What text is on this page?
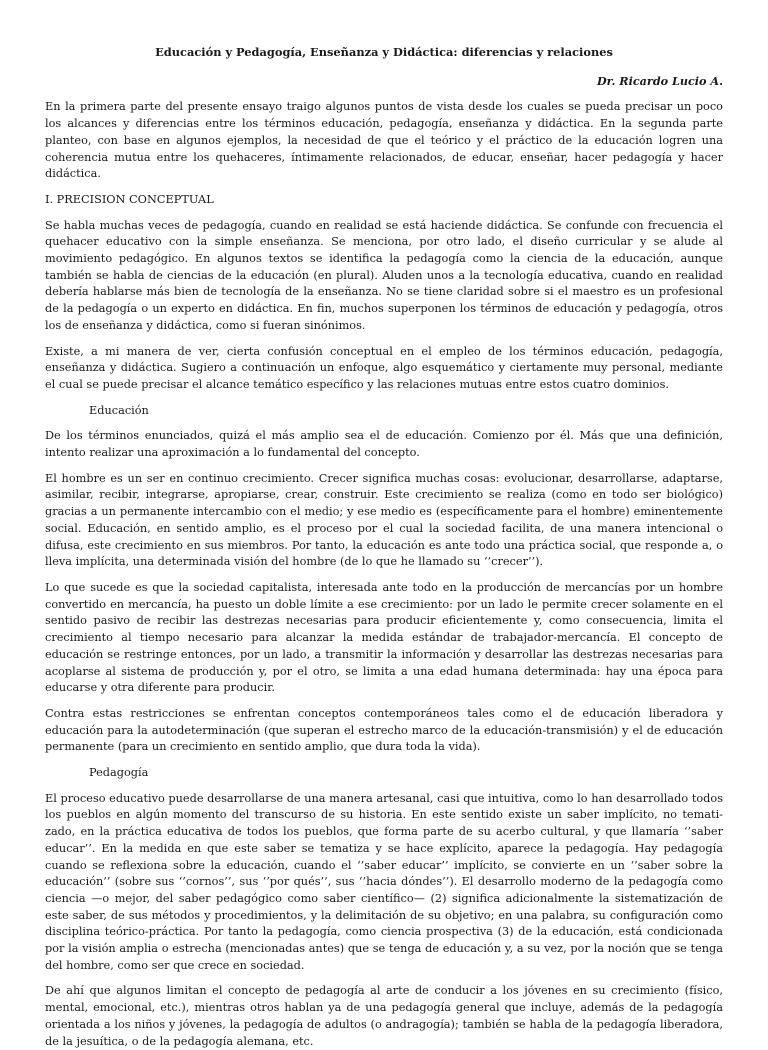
Educación y Pedagogía, Enseñanza y Didáctica: diferencias y relaciones
Dr. Ricardo Lucio A.

En la primera parte del presente ensayo traigo algunos puntos de vista desde los cuales se pueda precisar un poco los alcances y diferencias entre los términos educación, pedagogía, enseñanza y didáctica. En la segunda parte planteo, con base en algunos ejemplos, la necesidad de que el teórico y el práctico de la educación logren una coherencia mutua entre los quehaceres, íntimamente relacionados, de educar, enseñar, hacer pedagogía y hacer didáctica.

I. PRECISION CONCEPTUAL

Se habla muchas veces de pedagogía, cuando en realidad se está haciende didáctica. Se confunde con frecuencia el quehacer educativo con la simple enseñanza. Se menciona, por otro lado, el diseño curricular y se alude al movimiento pedagógico. En algunos textos se identifica la pedagogía como la ciencia de la educación, aunque también se habla de ciencias de la educación (en plural). Aluden unos a la tecnología educativa, cuando en realidad debería hablarse más bien de tecnología de la enseñanza. No se tiene claridad sobre si el maestro es un profesional de la pedagogía o un experto en didáctica. En fin, muchos superponen los términos de educación y pedagogía, otros los de enseñanza y didáctica, como si fueran sinónimos.

Existe, a mi manera de ver, cierta confusión conceptual en el empleo de los términos educación, pedagogía, enseñanza y didáctica. Sugiero a continuación un enfoque, algo esquemático y ciertamente muy personal, mediante el cual se puede precisar el alcance temático específico y las relaciones mutuas entre estos cuatro dominios.

Educación

De los términos enunciados, quizá el más amplio sea el de educación. Comienzo por él. Más que una definición, intento realizar una aproximación a lo fundamental del concepto.

El hombre es un ser en continuo crecimiento. Crecer significa muchas cosas: evolucionar, desarrollarse, adaptarse, asimilar, recibir, integrarse, apropiarse, crear, construir. Este crecimiento se realiza (como en todo ser biológico) gracias a un permanente intercambio con el medio; y ese medio es (específicamente para el hombre) eminentemente social. Educación, en sentido amplio, es el proceso por el cual la sociedad facilita, de una manera intencional o difusa, este crecimiento en sus miembros. Por tanto, la educación es ante todo una práctica social, que responde a, o lleva implícita, una determinada visión del hombre (de lo que he llamado su ‘’crecer’’).

Lo que sucede es que la sociedad capitalista, interesada ante todo en la producción de mercancías por un hombre convertido en mercancía, ha puesto un doble límite a ese crecimiento: por un lado le permite crecer solamente en el sentido pasivo de recibir las destrezas necesarias para producir eficientemente y, como consecuencia, limita el crecimiento al tiempo necesario para alcanzar la medida estándar de trabajador-mercancía. El concepto de educación se restringe entonces, por un lado, a transmitir la información y desarrollar las destrezas necesarias para acoplarse al sistema de producción y, por el otro, se limita a una edad humana determinada: hay una época para educarse y otra diferente para producir.

Contra estas restricciones se enfrentan conceptos contemporáneos tales como el de educación liberadora y educación para la autodeterminación (que superan el estrecho marco de la educación-transmisión) y el de educación permanente (para un crecimiento en sentido amplio, que dura toda la vida).

Pedagogía

El proceso educativo puede desarrollarse de una manera artesanal, casi que intuitiva, como lo han desarrollado todos los pueblos en algún momento del transcurso de su historia. En este sentido existe un saber implícito, no temati- zado, en la práctica educativa de todos los pueblos, que forma parte de su acerbo cultural, y que llamaría ‘’saber educar’’. En la medida en que este saber se tematiza y se hace explícito, aparece la pedagogía. Hay pedagogía cuando se reflexiona sobre la educación, cuando el ‘’saber educar’’ implícito, se convierte en un ‘’saber sobre la educación’’ (sobre sus ‘’cornos’’, sus ‘’por qués’’, sus ‘’hacia dóndes’’). El desarrollo moderno de la pedagogía como ciencia —o mejor, del saber pedagógico como saber científico— (2) significa adicionalmente la sistematización de este saber, de sus métodos y procedimientos, y la delimitación de su objetivo; en una palabra, su configuración como disciplina teórico-práctica. Por tanto la pedagogía, como ciencia prospectiva (3) de la educación, está condicionada por la visión amplia o estrecha (mencionadas antes) que se tenga de educación y, a su vez, por la noción que se tenga del hombre, como ser que crece en sociedad.

De ahí que algunos limitan el concepto de pedagogía al arte de conducir a los jóvenes en su crecimiento (físico, mental, emocional, etc.), mientras otros hablan ya de una pedagogía general que incluye, además de la pedagogía orientada a los niños y jóvenes, la pedagogía de adultos (o andragogía); también se habla de la pedagogía liberadora, de la jesuítica, o de la pedagogía alemana, etc.
